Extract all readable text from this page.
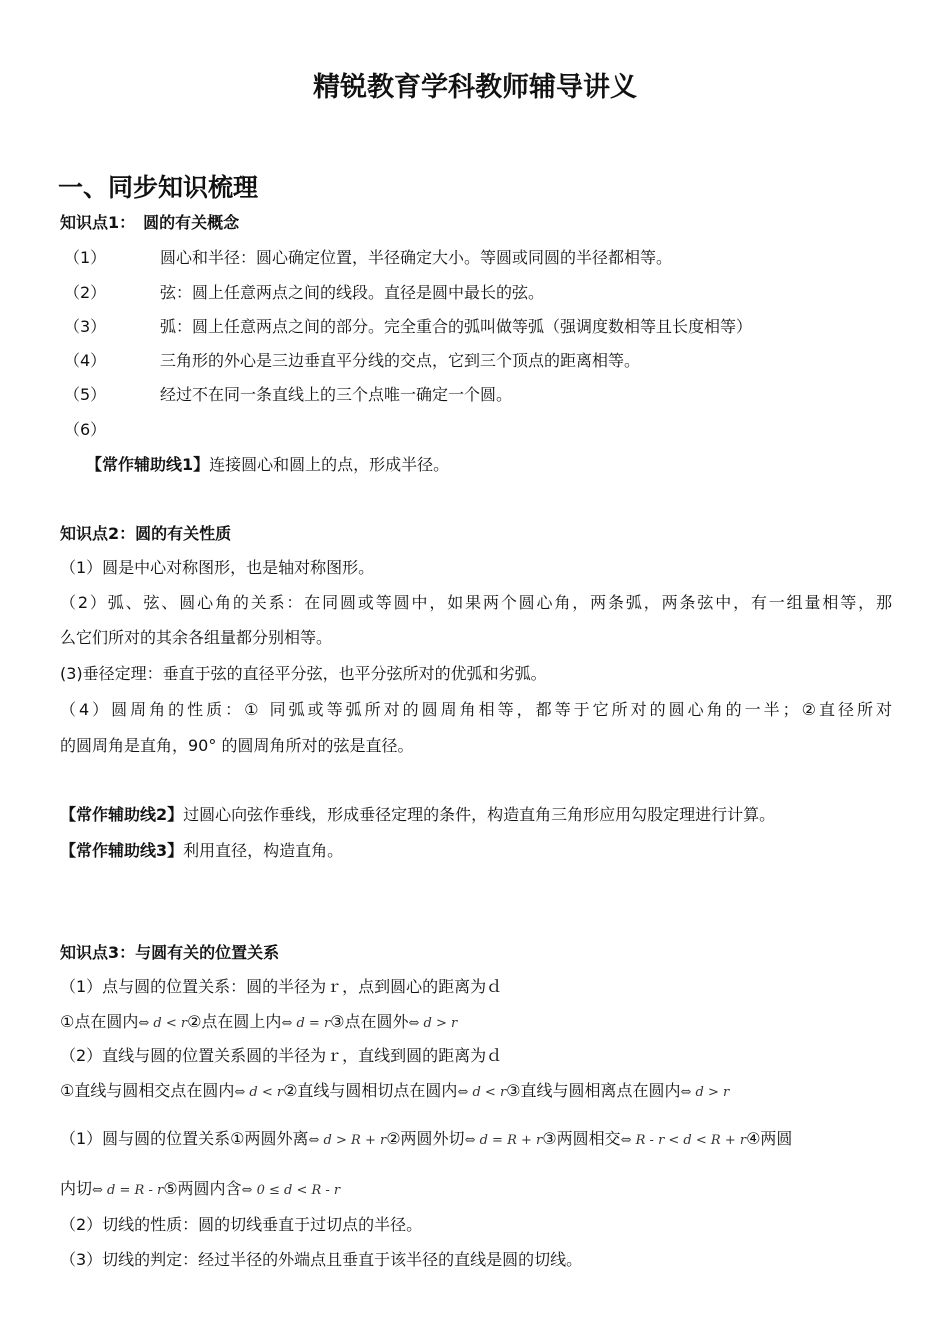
精锐教育学科教师辅导讲义
一、同步知识梳理
知识点1：　圆的有关概念
（1）	圆心和半径：圆心确定位置，半径确定大小。等圆或同圆的半径都相等。
（2）	弦：圆上任意两点之间的线段。直径是圆中最长的弦。
（3）	弧：圆上任意两点之间的部分。完全重合的弧叫做等弧（强调度数相等且长度相等）
（4）	三角形的外心是三边垂直平分线的交点，它到三个顶点的距离相等。
（5）	经过不在同一条直线上的三个点唯一确定一个圆。
（6）
【常作辅助线1】连接圆心和圆上的点，形成半径。
知识点2：圆的有关性质
（1）圆是中心对称图形，也是轴对称图形。
（2）弧、弦、圆心角的关系：在同圆或等圆中，如果两个圆心角，两条弧，两条弦中，有一组量相等，那
么它们所对的其余各组量都分别相等。
(3)垂径定理：垂直于弦的直径平分弦，也平分弦所对的优弧和劣弧。
（4）圆周角的性质：① 同弧或等弧所对的圆周角相等，都等于它所对的圆心角的一半；②直径所对
的圆周角是直角，90° 的圆周角所对的弦是直径。
【常作辅助线2】过圆心向弦作垂线，形成垂径定理的条件，构造直角三角形应用勾股定理进行计算。
【常作辅助线3】利用直径，构造直角。
知识点3：与圆有关的位置关系
（1）点与圆的位置关系：圆的半径为ｒ，点到圆心的距离为ｄ
①点在圆内⇔ d < r②点在圆上内⇔ d = r③点在圆外⇔ d > r
（2）直线与圆的位置关系圆的半径为ｒ，直线到圆的距离为ｄ
①直线与圆相交点在圆内⇔ d < r②直线与圆相切点在圆内⇔ d < r③直线与圆相离点在圆内⇔ d > r
（1）圆与圆的位置关系①两圆外离⇔ d > R + r②两圆外切⇔ d = R + r③两圆相交⇔ R - r < d < R + r④两圆
内切⇔ d = R - r⑤两圆内含⇔ 0 ≤ d < R - r
（2）切线的性质：圆的切线垂直于过切点的半径。
（3）切线的判定：经过半径的外端点且垂直于该半径的直线是圆的切线。
